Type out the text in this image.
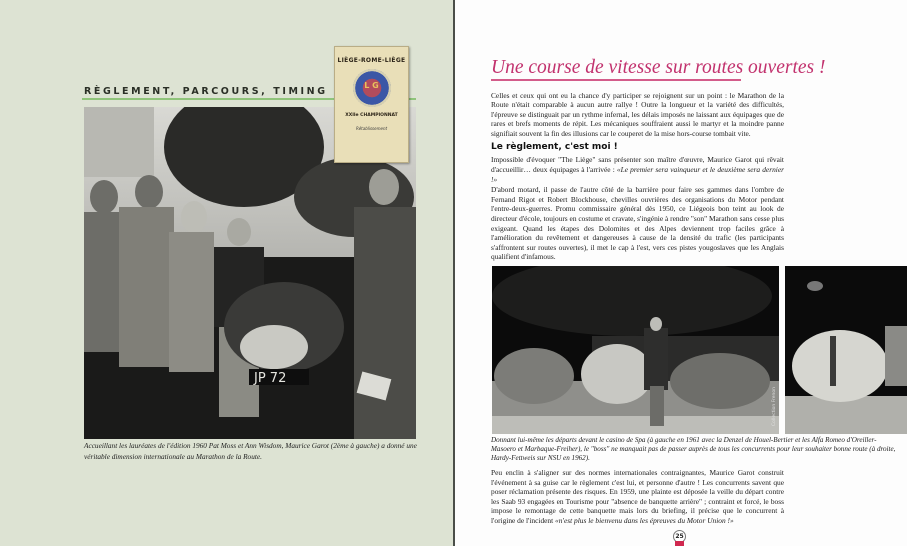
RÈGLEMENT, PARCOURS, TIMING
JP 72
LIÈGE-ROME-LIÈGE
L G
XXIIe CHAMPIONNAT
Rétablissement
Accueillant les lauréates de l'édition 1960 Pat Moss et Ann Wisdom, Maurice Garot (2ème à gauche) a donné une véritable dimension internationale au Marathon de la Route.
Une course de vitesse sur routes ouvertes !

Celles et ceux qui ont eu la chance d'y participer se rejoignent sur un point : le Marathon de la Route n'était comparable à aucun autre rallye ! Outre la longueur et la variété des difficultés, l'épreuve se distinguait par un rythme infernal, les délais imposés ne laissant aux équipages que de rares et brefs moments de répit. Les mécaniques souffraient aussi le martyr et la moindre panne signifiait souvent la fin des illusions car le couperet de la mise hors-course tombait vite.

Le règlement, c'est moi !

Impossible d'évoquer "The Liège" sans présenter son maître d'œuvre, Maurice Garot qui rêvait d'accueillir… deux équipages à l'arrivée : «Le premier sera vainqueur et le deuxième sera dernier !»

D'abord motard, il passe de l'autre côté de la barrière pour faire ses gammes dans l'ombre de Fernand Rigot et Robert Blockhouse, chevilles ouvrières des organisations du Motor pendant l'entre-deux-guerres. Promu commissaire général dès 1950, ce Liégeois bon teint au look de directeur d'école, toujours en costume et cravate, s'ingénie à rendre "son" Marathon sans cesse plus exigeant. Quand les étapes des Dolomites et des Alpes deviennent trop faciles grâce à l'amélioration du revêtement et dangereuses à cause de la densité du trafic (les participants s'affrontent sur routes ouvertes), il met le cap à l'est, vers ces pistes yougoslaves que les Anglais qualifient d'infamous.

Collection Frenon
Donnant lui-même les départs devant le casino de Spa (à gauche en 1961 avec la Denzel de Houel-Bertier et les Alfa Romeo d'Oreiller-Masoero et Marbaque-Freiher), le "boss" ne manquait pas de passer auprès de tous les concurrents pour leur souhaiter bonne route (à droite, Hardy-Fettweis sur NSU en 1962).

Peu enclin à s'aligner sur des normes internationales contraignantes, Maurice Garot construit l'événement à sa guise car le règlement c'est lui, et personne d'autre ! Les concurrents savent que poser réclamation présente des risques. En 1959, une plainte est déposée la veille du départ contre les Saab 93 engagées en Tourisme pour "absence de banquette arrière" ; contraint et forcé, le boss impose le remontage de cette banquette mais lors du briefing, il précise que le concurrent à l'origine de l'incident «n'est plus le bienvenu dans les épreuves du Motor Union !»

25
